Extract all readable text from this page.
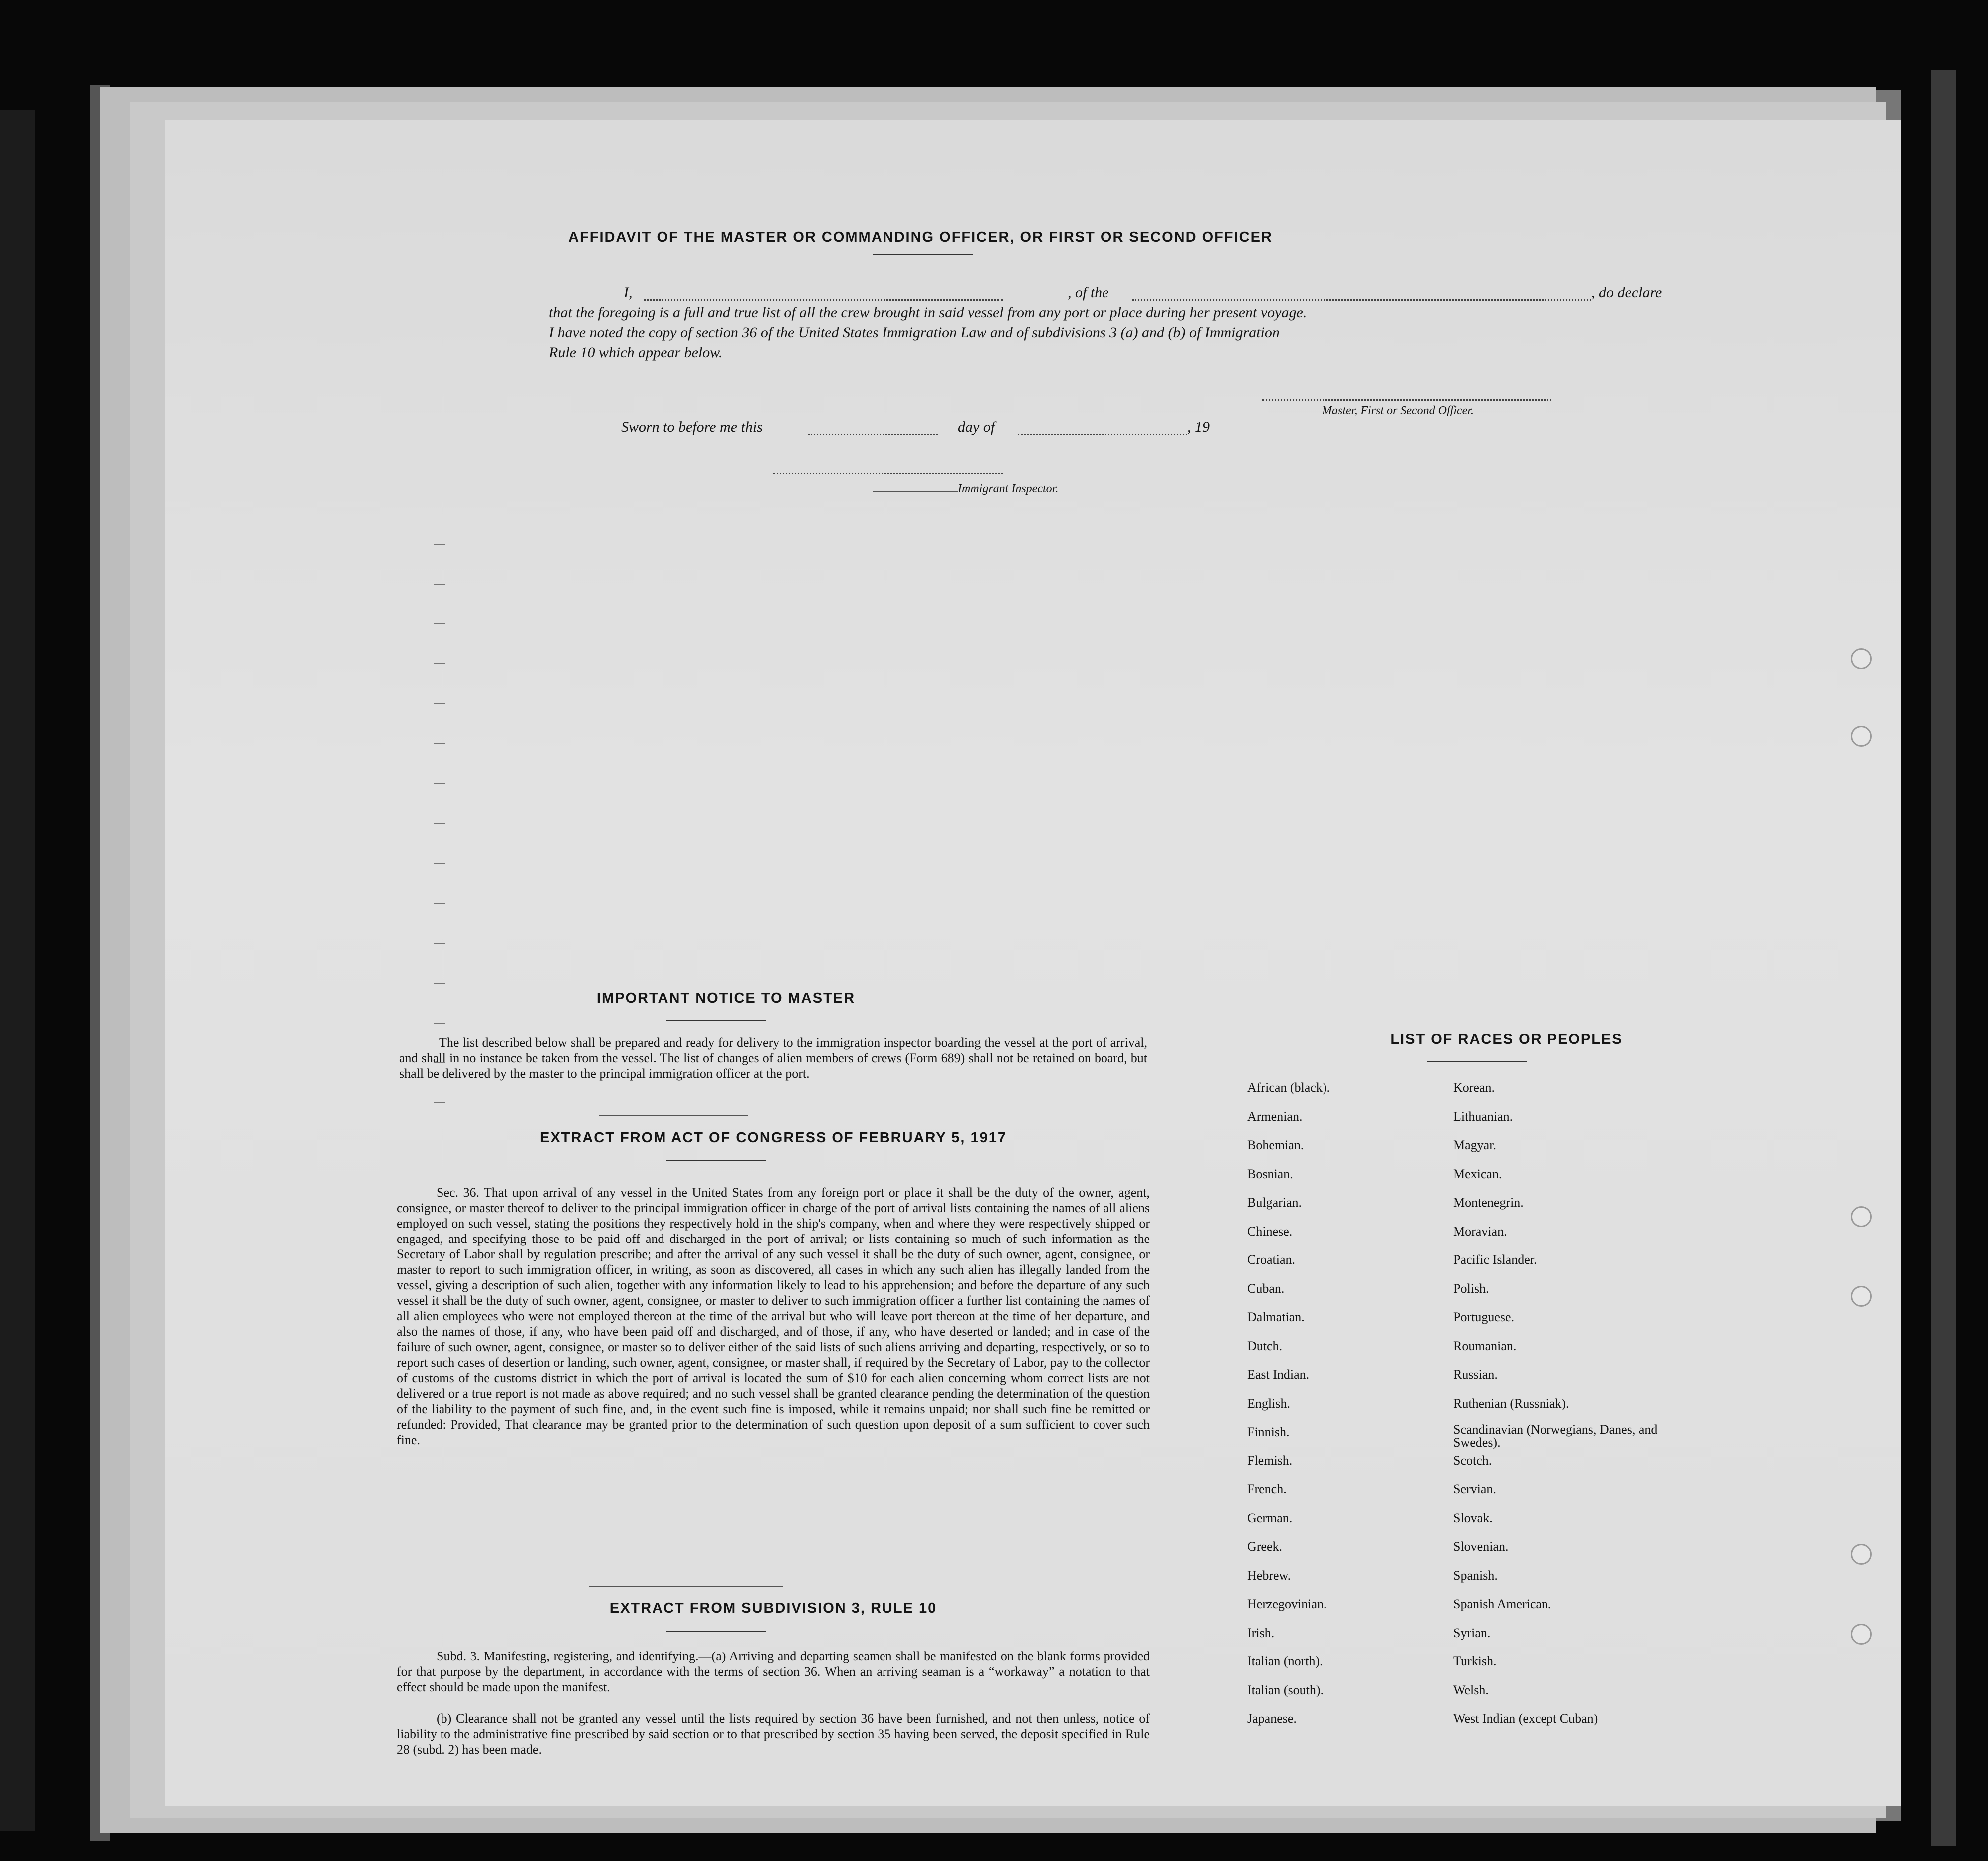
AFFIDAVIT OF THE MASTER OR COMMANDING OFFICER, OR FIRST OR SECOND OFFICER
I,	, of the	, do declare
that the foregoing is a full and true list of all the crew brought in said vessel from any port or place during her present voyage.
I have noted the copy of section 36 of the United States Immigration Law and of subdivisions 3 (a) and (b) of Immigration
Rule 10 which appear below.
Master, First or Second Officer.
Sworn to before me this	day of	, 19
Immigrant Inspector.
IMPORTANT NOTICE TO MASTER
The list described below shall be prepared and ready for delivery to the immigration inspector boarding the vessel at the port of arrival, and shall in no instance be taken from the vessel. The list of changes of alien members of crews (Form 689) shall not be retained on board, but shall be delivered by the master to the principal immigration officer at the port.
EXTRACT FROM ACT OF CONGRESS OF FEBRUARY 5, 1917
Sec. 36. That upon arrival of any vessel in the United States from any foreign port or place it shall be the duty of the owner, agent, consignee, or master thereof to deliver to the principal immigration officer in charge of the port of arrival lists containing the names of all aliens employed on such vessel, stating the positions they respectively hold in the ship's company, when and where they were respectively shipped or engaged, and specifying those to be paid off and discharged in the port of arrival; or lists containing so much of such information as the Secretary of Labor shall by regulation prescribe; and after the arrival of any such vessel it shall be the duty of such owner, agent, consignee, or master to report to such immigration officer, in writing, as soon as discovered, all cases in which any such alien has illegally landed from the vessel, giving a description of such alien, together with any information likely to lead to his apprehension; and before the departure of any such vessel it shall be the duty of such owner, agent, consignee, or master to deliver to such immigration officer a further list containing the names of all alien employees who were not employed thereon at the time of the arrival but who will leave port thereon at the time of her departure, and also the names of those, if any, who have been paid off and discharged, and of those, if any, who have deserted or landed; and in case of the failure of such owner, agent, consignee, or master so to deliver either of the said lists of such aliens arriving and departing, respectively, or so to report such cases of desertion or landing, such owner, agent, consignee, or master shall, if required by the Secretary of Labor, pay to the collector of customs of the customs district in which the port of arrival is located the sum of $10 for each alien concerning whom correct lists are not delivered or a true report is not made as above required; and no such vessel shall be granted clearance pending the determination of the question of the liability to the payment of such fine, and, in the event such fine is imposed, while it remains unpaid; nor shall such fine be remitted or refunded: Provided, That clearance may be granted prior to the determination of such question upon deposit of a sum sufficient to cover such fine.
EXTRACT FROM SUBDIVISION 3, RULE 10
Subd. 3. Manifesting, registering, and identifying.—(a) Arriving and departing seamen shall be manifested on the blank forms provided for that purpose by the department, in accordance with the terms of section 36. When an arriving seaman is a “workaway” a notation to that effect should be made upon the manifest.
(b) Clearance shall not be granted any vessel until the lists required by section 36 have been furnished, and not then unless, notice of liability to the administrative fine prescribed by said section or to that prescribed by section 35 having been served, the deposit specified in Rule 28 (subd. 2) has been made.
LIST OF RACES OR PEOPLES
African (black).
Armenian.
Bohemian.
Bosnian.
Bulgarian.
Chinese.
Croatian.
Cuban.
Dalmatian.
Dutch.
East Indian.
English.
Finnish.
Flemish.
French.
German.
Greek.
Hebrew.
Herzegovinian.
Irish.
Italian (north).
Italian (south).
Japanese.
Korean.
Lithuanian.
Magyar.
Mexican.
Montenegrin.
Moravian.
Pacific Islander.
Polish.
Portuguese.
Roumanian.
Russian.
Ruthenian (Russniak).
Scandinavian (Norwegians, Danes, and Swedes).
Scotch.
Servian.
Slovak.
Slovenian.
Spanish.
Spanish American.
Syrian.
Turkish.
Welsh.
West Indian (except Cuban)
